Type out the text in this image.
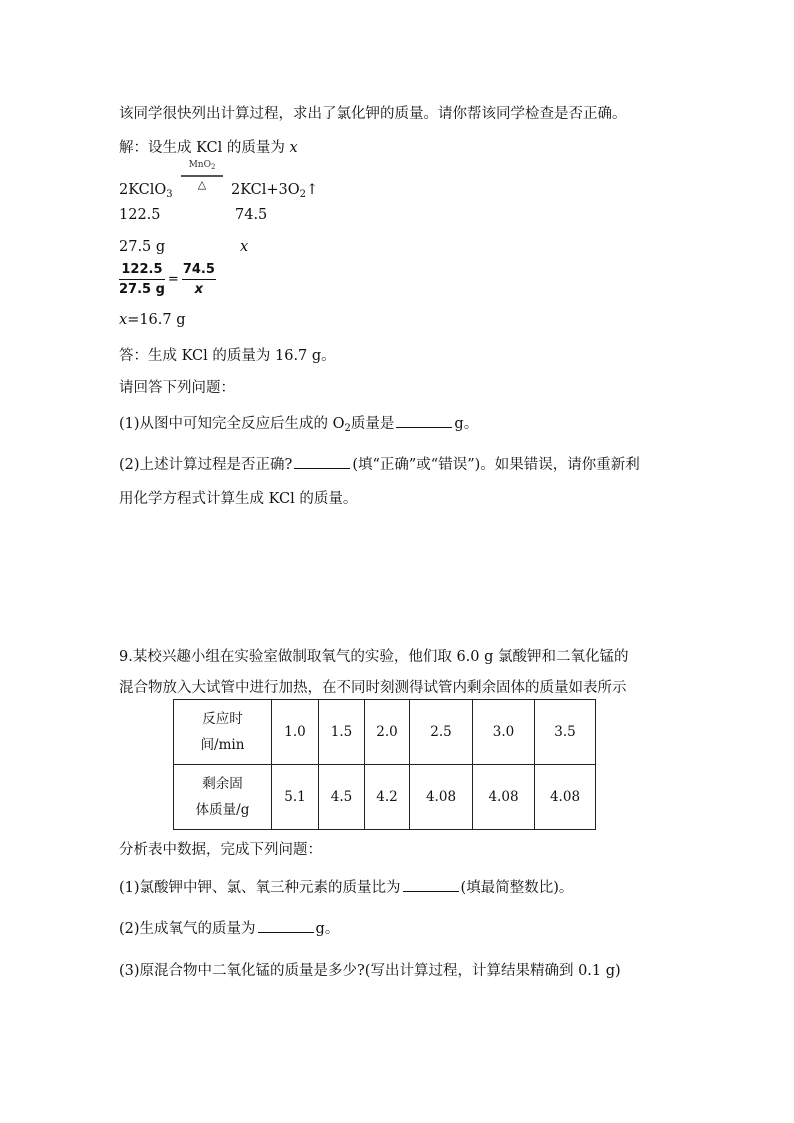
该同学很快列出计算过程，求出了氯化钾的质量。请你帮该同学检查是否正确。
解：设生成 KCl 的质量为 x
MnO$_2$
△
2KClO$_3$	$2KCl+3O_2↑$
122.5	74.5
27.5 g	x
$\frac{122.5}{27.5 g} = \frac{74.5}{x}$
x=16.7 g
答：生成 KCl 的质量为 16.7 g。
请回答下列问题：
(1)从图中可知完全反应后生成的 $O_2$质量是	g。
(2)上述计算过程是否正确?	(填“正确”或“错误”)。如果错误，请你重新利
用化学方程式计算生成 KCl 的质量。
9.某校兴趣小组在实验室做制取氧气的实验，他们取 6.0 g 氯酸钾和二氧化锰的
混合物放入大试管中进行加热，在不同时刻测得试管内剩余固体的质量如表所示
反应时
间/min	1.0	1.5	2.0	2.5	3.0	3.5

剩余固
体质量/g	5.1	4.5	4.2	4.08	4.08	4.08
分析表中数据，完成下列问题：
(1)氯酸钾中钾、氯、氧三种元素的质量比为	(填最简整数比)。
(2)生成氧气的质量为	g。
(3)原混合物中二氧化锰的质量是多少?(写出计算过程，计算结果精确到 0.1 g)
